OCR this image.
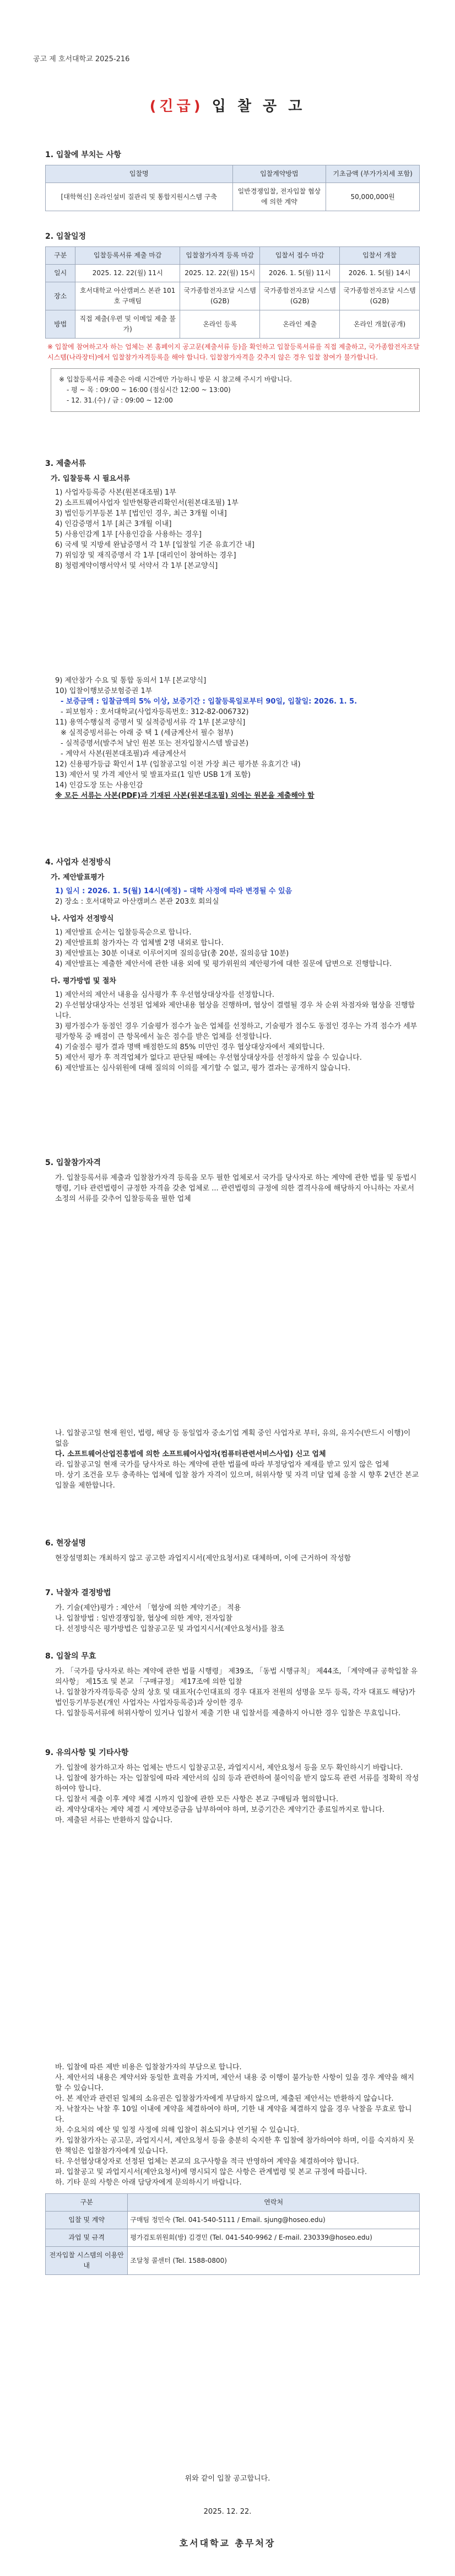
공고 제 호서대학교 2025-216
(긴급) 입 찰 공 고
1. 입찰에 부치는 사항
입찰명	입찰계약방법	기초금액 (부가가치세 포함)
[대학혁신] 온라인설비 질관리 및 통합지원시스템 구축	일반경쟁입찰, 전자입찰 협상에 의한 계약	50,000,000원
2. 입찰일정
구분	입찰등록서류 제출 마감	입찰참가자격 등록 마감	입찰서 접수 마감	입찰서 개찰
일시	2025. 12. 22(월) 11시	2025. 12. 22(월) 15시	2026. 1. 5(월) 11시	2026. 1. 5(월) 14시
장소	호서대학교 아산캠퍼스 본관 101호 구매팀	국가종합전자조달 시스템(G2B)	국가종합전자조달 시스템(G2B)	국가종합전자조달 시스템(G2B)
방법	직접 제출(우편 및 이메일 제출 불가)	온라인 등록	온라인 제출	온라인 개찰(공개)
※ 입찰에 참여하고자 하는 업체는 본 홈페이지 공고문(제출서류 등)을 확인하고 입찰등록서류를 직접 제출하고, 국가종합전자조달시스템(나라장터)에서 입찰참가자격등록을 해야 합니다. 입찰참가자격을 갖추지 않은 경우 입찰 참여가 불가합니다.
※ 입찰등록서류 제출은 아래 시간에만 가능하니 방문 시 참고해 주시기 바랍니다.
- 평 ~ 목 : 09:00 ~ 16:00 (점심시간 12:00 ~ 13:00)
- 12. 31.(수) / 금 : 09:00 ~ 12:00
3. 제출서류
가. 입찰등록 시 필요서류
1) 사업자등록증 사본(원본대조필) 1부
2) 소프트웨어사업자 일반현황관리확인서(원본대조필) 1부
3) 법인등기부등본 1부 [법인인 경우, 최근 3개월 이내]
4) 인감증명서 1부 [최근 3개월 이내]
5) 사용인감계 1부 [사용인감을 사용하는 경우]
6) 국세 및 지방세 완납증명서 각 1부 [입찰일 기준 유효기간 내]
7) 위임장 및 재직증명서 각 1부 [대리인이 참여하는 경우]
8) 청렴계약이행서약서 및 서약서 각 1부 [본교양식]
9) 제안참가 수요 및 통합 동의서 1부 [본교양식]
10) 입찰이행보증보험증권 1부
- 보증금액 : 입찰금액의 5% 이상, 보증기간 : 입찰등록일로부터 90일, 입찰일: 2026. 1. 5.
- 피보험자 : 호서대학교(사업자등록번호: 312-82-006732)
11) 용역수행실적 증명서 및 실적증빙서류 각 1부 [본교양식]
※ 실적증빙서류는 아래 중 택 1 (세금계산서 필수 첨부)
- 실적증명서(발주처 날인 원본 또는 전자입찰시스템 발급본)
- 계약서 사본(원본대조필)과 세금계산서
12) 신용평가등급 확인서 1부 (입찰공고일 이전 가장 최근 평가분 유효기간 내)
13) 제안서 및 가격 제안서 및 발표자료(1 일반 USB 1개 포함)
14) 인감도장 또는 사용인감
※ 모든 서류는 사본(PDF)과 기재된 사본(원본대조필) 외에는 원본을 제출해야 함
4. 사업자 선정방식
가. 제안발표평가
1) 일시 : 2026. 1. 5(월) 14시(예정) – 대학 사정에 따라 변경될 수 있음
2) 장소 : 호서대학교 아산캠퍼스 본관 203호 회의실
나. 사업자 선정방식
1) 제안발표 순서는 입찰등록순으로 합니다.
2) 제안발표회 참가자는 각 업체별 2명 내외로 합니다.
3) 제안발표는 30분 이내로 이루어지며 질의응답(총 20분, 질의응답 10분)
4) 제안발표는 제출한 제안서에 관한 내용 외에 및 평가위원의 제안평가에 대한 질문에 답변으로 진행합니다.
다. 평가방법 및 절차
1) 제안서의 제안서 내용을 심사평가 후 우선협상대상자를 선정합니다.
2) 우선협상대상자는 선정된 업체와 제안내용 협상을 진행하며, 협상이 결렬될 경우 차 순위 차점자와 협상을 진행합니다.
3) 평가점수가 동점인 경우 기술평가 점수가 높은 업체를 선정하고, 기술평가 점수도 동점인 경우는 가격 점수가 세부평가항목 중 배점이 큰 항목에서 높은 점수를 받은 업체를 선정합니다.
4) 기술점수 평가 결과 명백 배점한도의 85% 미만인 경우 협상대상자에서 제외합니다.
5) 제안서 평가 후 적격업체가 없다고 판단될 때에는 우선협상대상자를 선정하지 않을 수 있습니다.
6) 제안발표는 심사위원에 대해 질의의 이의를 제기할 수 없고, 평가 결과는 공개하지 않습니다.
5. 입찰참가자격
가. 입찰등록서류 제출과 입찰참가자격 등록을 모두 필한 업체로서 국가를 당사자로 하는 계약에 관한 법률 및 동법시행령, 기타 관련법령이 규정한 자격을 갖춘 업체로 ... 관련법령의 규정에 의한 결격사유에 해당하지 아니하는 자로서 소정의 서류를 갖추어 입찰등록을 필한 업체
나. 입찰공고일 현재 원인, 법령, 해당 등 동일업자 중소기업 계획 중인 사업자로 부터, 유의, 유지수(반드시 이행)이 없음
다. 소프트웨어산업진흥법에 의한 소프트웨어사업자(컴퓨터관련서비스사업) 신고 업체
라. 입찰공고일 현재 국가를 당사자로 하는 계약에 관한 법률에 따라 부정당업자 제재를 받고 있지 않은 업체
마. 상기 조건을 모두 충족하는 업체에 입찰 참가 자격이 있으며, 허위사항 및 자격 미달 업체 응찰 시 향후 2년간 본교 입찰을 제한합니다.
6. 현장설명
현장설명회는 개최하지 않고 공고한 과업지시서(제안요청서)로 대체하며, 이에 근거하여 작성함
7. 낙찰자 결정방법
가. 기술(제안)평가 : 제안서 「협상에 의한 계약기준」 적용
나. 입찰방법 : 일반경쟁입찰, 협상에 의한 계약, 전자입찰
다. 선정방식은 평가방법은 입찰공고문 및 과업지시서(제안요청서)를 참조
8. 입찰의 무효
가. 「국가를 당사자로 하는 계약에 관한 법률 시행령」 제39조, 「동법 시행규칙」 제44조, 「계약예규 공학입찰 유의사항」 제15조 및 본교 「구매규정」 제17조에 의한 입찰
나. 입찰참가자격등록증 상의 상호 및 대표자(수인대표의 경우 대표자 전원의 성명을 모두 등록, 각자 대표도 해당)가 법인등기부등본(개인 사업자는 사업자등록증)과 상이한 경우
다. 입찰등록서류에 허위사항이 있거나 입찰서 제출 기한 내 입찰서를 제출하지 아니한 경우 입찰은 무효입니다.
9. 유의사항 및 기타사항
가. 입찰에 참가하고자 하는 업체는 반드시 입찰공고문, 과업지시서, 제안요청서 등을 모두 확인하시기 바랍니다.
나. 입찰에 참가하는 자는 입찰일에 따라 제안서의 심의 등과 관련하여 불이익을 받지 않도록 관련 서류를 정확히 작성하여야 합니다.
다. 입찰서 제출 이후 계약 체결 시까지 입찰에 관한 모든 사항은 본교 구매팀과 협의합니다.
라. 계약상대자는 계약 체결 시 계약보증금을 납부하여야 하며, 보증기간은 계약기간 종료일까지로 합니다.
마. 제출된 서류는 반환하지 않습니다.
바. 입찰에 따른 제반 비용은 입찰참가자의 부담으로 합니다.
사. 제안서의 내용은 계약서와 동일한 효력을 가지며, 제안서 내용 중 이행이 불가능한 사항이 있을 경우 계약을 해지할 수 있습니다.
아. 본 제안과 관련된 일체의 소유권은 입찰참가자에게 부담하지 않으며, 제출된 제안서는 반환하지 않습니다.
자. 낙찰자는 낙찰 후 10일 이내에 계약을 체결하여야 하며, 기한 내 계약을 체결하지 않을 경우 낙찰을 무효로 합니다.
차. 수요처의 예산 및 일정 사정에 의해 입찰이 취소되거나 연기될 수 있습니다.
카. 입찰참가자는 공고문, 과업지시서, 제안요청서 등을 충분히 숙지한 후 입찰에 참가하여야 하며, 이를 숙지하지 못한 책임은 입찰참가자에게 있습니다.
타. 우선협상대상자로 선정된 업체는 본교의 요구사항을 적극 반영하여 계약을 체결하여야 합니다.
파. 입찰공고 및 과업지시서(제안요청서)에 명시되지 않은 사항은 관계법령 및 본교 규정에 따릅니다.
하. 기타 문의 사항은 아래 담당자에게 문의하시기 바랍니다.
구분	연락처
입찰 및 계약	구매팀 정민숙 (Tel. 041-540-5111 / Email. sjung@hoseo.edu)
과업 및 규격	평가검토위원회(방) 김경민 (Tel. 041-540-9962 / E-mail. 230339@hoseo.edu)
전자입찰 시스템의 이용안내	조달청 콜센터 (Tel. 1588-0800)
위와 같이 입찰 공고합니다.
2025. 12. 22.
호서대학교 총무처장
